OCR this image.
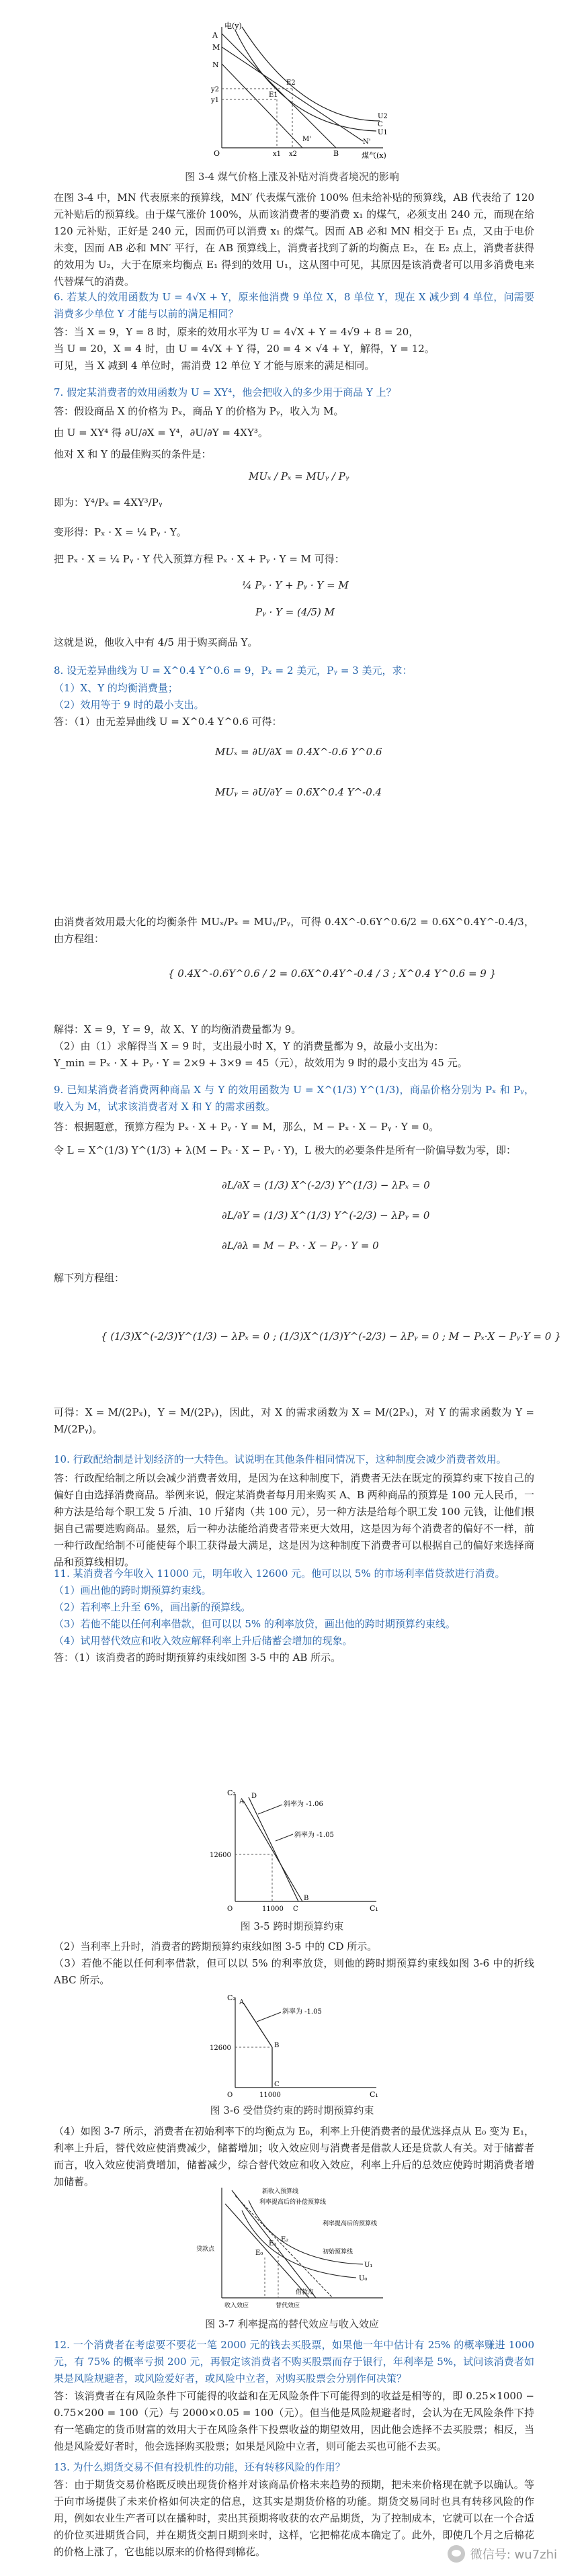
电(y)
煤气(x)
M
A
y1
y2
N
O	B
x1 x2
E1
E2
U1
U2
M'	N'
C
图 3-4 煤气价格上涨及补贴对消费者境况的影响
在图 3-4 中，MN 代表原来的预算线，MN′ 代表煤气涨价 100% 但未给补贴的预算线，AB 代表给了 120 元补贴后的预算线。由于煤气涨价 100%，从而该消费者的要消费 x₁ 的煤气，必须支出 240 元，而现在给 120 元补贴，正好是 240 元，因而仍可以消费 x₁ 的煤气。因而 AB 必和 MN 相交于 E₁ 点，又由于电价未变，因而 AB 必和 MN′ 平行，在 AB 预算线上，消费者找到了新的均衡点 E₂，在 E₂ 点上，消费者获得的效用为 U₂，大于在原来均衡点 E₁ 得到的效用 U₁，这从图中可见，其原因是该消费者可以用多消费电来代替煤气的消费。
6. 若某人的效用函数为 U = 4√X + Y，原来他消费 9 单位 X，8 单位 Y，现在 X 减少到 4 单位，问需要消费多少单位 Y 才能与以前的满足相同？
答：当 X = 9，Y = 8 时，原来的效用水平为 U = 4√X + Y = 4√9 + 8 = 20，
当 U = 20，X = 4 时，由 U = 4√X + Y 得，20 = 4 × √4 + Y，解得，Y = 12。
可见，当 X 减到 4 单位时，需消费 12 单位 Y 才能与原来的满足相同。
7. 假定某消费者的效用函数为 U = XY⁴，他会把收入的多少用于商品 Y 上？
答：假设商品 X 的价格为 Pₓ，商品 Y 的价格为 Pᵧ，收入为 M。
由 U = XY⁴ 得 ∂U/∂X = Y⁴，∂U/∂Y = 4XY³。
他对 X 和 Y 的最佳购买的条件是：
MUₓ / Pₓ = MUᵧ / Pᵧ
即为：Y⁴/Pₓ = 4XY³/Pᵧ
变形得：Pₓ · X = ¼ Pᵧ · Y。
把 Pₓ · X = ¼ Pᵧ · Y 代入预算方程 Pₓ · X + Pᵧ · Y = M 可得：
¼ Pᵧ · Y + Pᵧ · Y = M
Pᵧ · Y = (4/5) M
这就是说，他收入中有 4/5 用于购买商品 Y。
8. 设无差异曲线为 U = X^0.4 Y^0.6 = 9，Pₓ = 2 美元，Pᵧ = 3 美元，求：
（1）X、Y 的均衡消费量；
（2）效用等于 9 时的最小支出。
答：（1）由无差异曲线 U = X^0.4 Y^0.6 可得：
MUₓ = ∂U/∂X = 0.4X^-0.6 Y^0.6
MUᵧ = ∂U/∂Y = 0.6X^0.4 Y^-0.4
由消费者效用最大化的均衡条件 MUₓ/Pₓ = MUᵧ/Pᵧ，可得 0.4X^-0.6Y^0.6/2 = 0.6X^0.4Y^-0.4/3，由方程组：
{ 0.4X^-0.6Y^0.6 / 2 = 0.6X^0.4Y^-0.4 / 3 ; X^0.4 Y^0.6 = 9 }
解得：X = 9，Y = 9，故 X、Y 的均衡消费量都为 9。
（2）由（1）求解得当 X = 9 时，支出最小时 X，Y 的消费量都为 9，故最小支出为：
Y_min = Pₓ · X + Pᵧ · Y = 2×9 + 3×9 = 45（元），故效用为 9 时的最小支出为 45 元。
9. 已知某消费者消费两种商品 X 与 Y 的效用函数为 U = X^(1/3) Y^(1/3)，商品价格分别为 Pₓ 和 Pᵧ，收入为 M，试求该消费者对 X 和 Y 的需求函数。
答：根据题意，预算方程为 Pₓ · X + Pᵧ · Y = M，那么，M − Pₓ · X − Pᵧ · Y = 0。
令 L = X^(1/3) Y^(1/3) + λ(M − Pₓ · X − Pᵧ · Y)，L 极大的必要条件是所有一阶偏导数为零，即：
∂L/∂X = (1/3) X^(-2/3) Y^(1/3) − λPₓ = 0
∂L/∂Y = (1/3) X^(1/3) Y^(-2/3) − λPᵧ = 0
∂L/∂λ = M − Pₓ · X − Pᵧ · Y = 0
解下列方程组：
{ (1/3)X^(-2/3)Y^(1/3) − λPₓ = 0 ; (1/3)X^(1/3)Y^(-2/3) − λPᵧ = 0 ; M − Pₓ·X − Pᵧ·Y = 0 }
可得：X = M/(2Pₓ)，Y = M/(2Pᵧ)，因此，对 X 的需求函数为 X = M/(2Pₓ)，对 Y 的需求函数为 Y = M/(2Pᵧ)。
10. 行政配给制是计划经济的一大特色。试说明在其他条件相同情况下，这种制度会减少消费者效用。
答：行政配给制之所以会减少消费者效用，是因为在这种制度下，消费者无法在既定的预算约束下按自己的偏好自由选择消费商品。举例来说，假定某消费者每月用来购买 A、B 两种商品的预算是 100 元人民币，一种方法是给每个职工发 5 斤油、10 斤猪肉（共 100 元），另一种方法是给每个职工发 100 元钱，让他们根据自己需要选购商品。显然，后一种办法能给消费者带来更大效用，这是因为每个消费者的偏好不一样，前一种行政配给制不可能使每个职工获得最大满足，这是因为这种制度下消费者可以根据自己的偏好来选择商品和预算线相切。
11. 某消费者今年收入 11000 元，明年收入 12600 元。他可以以 5% 的市场利率借贷款进行消费。
（1）画出他的跨时期预算约束线。
（2）若利率上升至 6%，画出新的预算线。
（3）若他不能以任何利率借款，但可以以 5% 的利率放贷，画出他的跨时期预算约束线。
（4）试用替代效应和收入效应解释利率上升后储蓄会增加的现象。
答：（1）该消费者的跨时期预算约束线如图 3-5 中的 AB 所示。
C₂
C₁
斜率为 -1.06
斜率为 -1.05
12600
11000
A
D
B
C
O
图 3-5 跨时期预算约束
（2）当利率上升时，消费者的跨期预算约束线如图 3-5 中的 CD 所示。
（3）若他不能以任何利率借款，但可以以 5% 的利率放贷，则他的跨时期预算约束线如图 3-6 中的折线 ABC 所示。
C₂
C₁
斜率为 -1.05
12600
11000
A
B
C
O
图 3-6 受借贷约束的跨时期预算约束
（4）如图 3-7 所示，消费者在初始利率下的均衡点为 E₀，利率上升使消费者的最优选择点从 E₀ 变为 E₁，利率上升后，替代效应使消费减少，储蓄增加；收入效应则与消费者是借款人还是贷款人有关。对于储蓄者而言，收入效应使消费增加，储蓄减少，综合替代效应和收入效应，利率上升后的总效应使跨时期消费者增加储蓄。
新收入预算线
利率提高后的补偿预算线
利率提高后的预算线
初始预算线
贷款点
借款点
收入效应	替代效应
E₀
E₁
E₂
U₀
U₁
图 3-7 利率提高的替代效应与收入效应
12. 一个消费者在考虑要不要花一笔 2000 元的钱去买股票，如果他一年中估计有 25% 的概率赚进 1000 元，有 75% 的概率亏损 200 元，再假定该消费者不购买股票而存于银行，年利率是 5%，试问该消费者如果是风险规避者，或风险爱好者，或风险中立者，对购买股票会分别作何决策？
答：该消费者在有风险条件下可能得的收益和在无风险条件下可能得到的收益是相等的，即 0.25×1000 − 0.75×200 = 100（元）与 2000×0.05 = 100（元）。但当他是风险规避者时，会认为在无风险条件下持有一笔确定的货币财富的效用大于在风险条件下投票收益的期望效用，因此他会选择不去买股票；相反，当他是风险爱好者时，他会选择购买股票；如果是风险中立者，则可能去买也可能不去买。
13. 为什么期货交易不但有投机性的功能，还有转移风险的作用？
答：由于期货交易价格既反映出现货价格并对该商品价格未来趋势的预期，把未来价格现在就予以确认。等于向市场提供了未来价格如何决定的信息，这其实是期货价格的功能。期货交易同时也具有转移风险的作用，例如农业生产者可以在播种时，卖出其预期将收获的农产品期货，为了控制成本，它就可以在一个合适的价位买进期货合同，并在期货交割日期到来时，这样，它把棉花成本确定了。此外，即使几个月之后棉花的价格上涨了，它也能以原来的价格得到棉花。	微信号: wu7zhi
